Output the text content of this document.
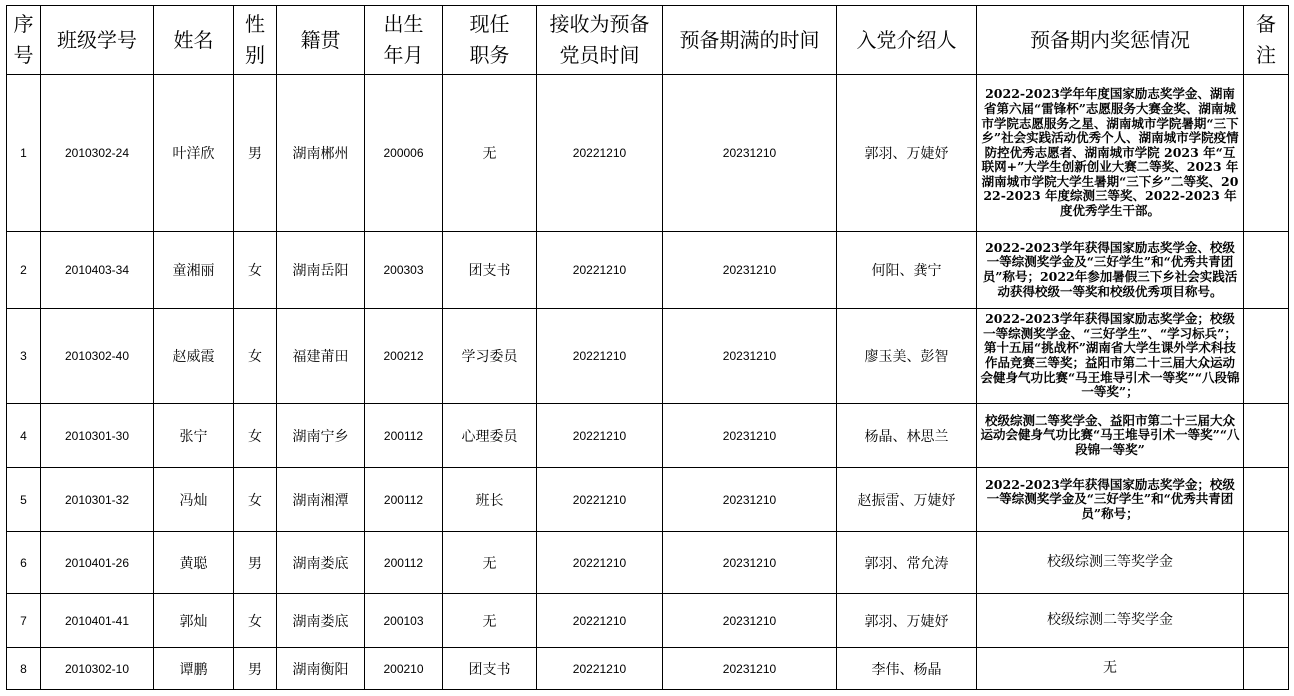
序号	班级学号	姓名	性别	籍贯	出生年月	现任职务	接收为预备党员时间	预备期满的时间	入党介绍人	预备期内奖惩情况	备注
1	2010302-24	叶洋欣	男	湖南郴州	200006	无	20221210	20231210	郭羽、万婕妤	2022-2023学年年度国家励志奖学金、湖南省第六届“雷锋杯”志愿服务大赛金奖、湖南城市学院志愿服务之星、湖南城市学院暑期“三下乡”社会实践活动优秀个人、湖南城市学院疫情防控优秀志愿者、湖南城市学院 2023 年“互联网+”大学生创新创业大赛二等奖、2023 年湖南城市学院大学生暑期“三下乡”二等奖、2022-2023 年度综测三等奖、2022-2023 年度优秀学生干部。	
2	2010403-34	童湘丽	女	湖南岳阳	200303	团支书	20221210	20231210	何阳、龚宁	2022-2023学年获得国家励志奖学金、校级一等综测奖学金及“三好学生”和“优秀共青团员”称号；2022年参加暑假三下乡社会实践活动获得校级一等奖和校级优秀项目称号。	
3	2010302-40	赵威霞	女	福建莆田	200212	学习委员	20221210	20231210	廖玉美、彭智	2022-2023学年获得国家励志奖学金；校级一等综测奖学金、“三好学生”、“学习标兵”；第十五届“挑战杯”湖南省大学生课外学术科技作品竞赛三等奖；益阳市第二十三届大众运动会健身气功比赛“马王堆导引术一等奖”“八段锦一等奖”；	
4	2010301-30	张宁	女	湖南宁乡	200112	心理委员	20221210	20231210	杨晶、林思兰	校级综测二等奖学金、益阳市第二十三届大众运动会健身气功比赛“马王堆导引术一等奖”“八段锦一等奖”	
5	2010301-32	冯灿	女	湖南湘潭	200112	班长	20221210	20231210	赵振雷、万婕妤	2022-2023学年获得国家励志奖学金；校级一等综测奖学金及“三好学生”和“优秀共青团员”称号；	
6	2010401-26	黄聪	男	湖南娄底	200112	无	20221210	20231210	郭羽、常允涛	校级综测三等奖学金	
7	2010401-41	郭灿	女	湖南娄底	200103	无	20221210	20231210	郭羽、万婕妤	校级综测二等奖学金	
8	2010302-10	谭鹏	男	湖南衡阳	200210	团支书	20221210	20231210	李伟、杨晶	无	
